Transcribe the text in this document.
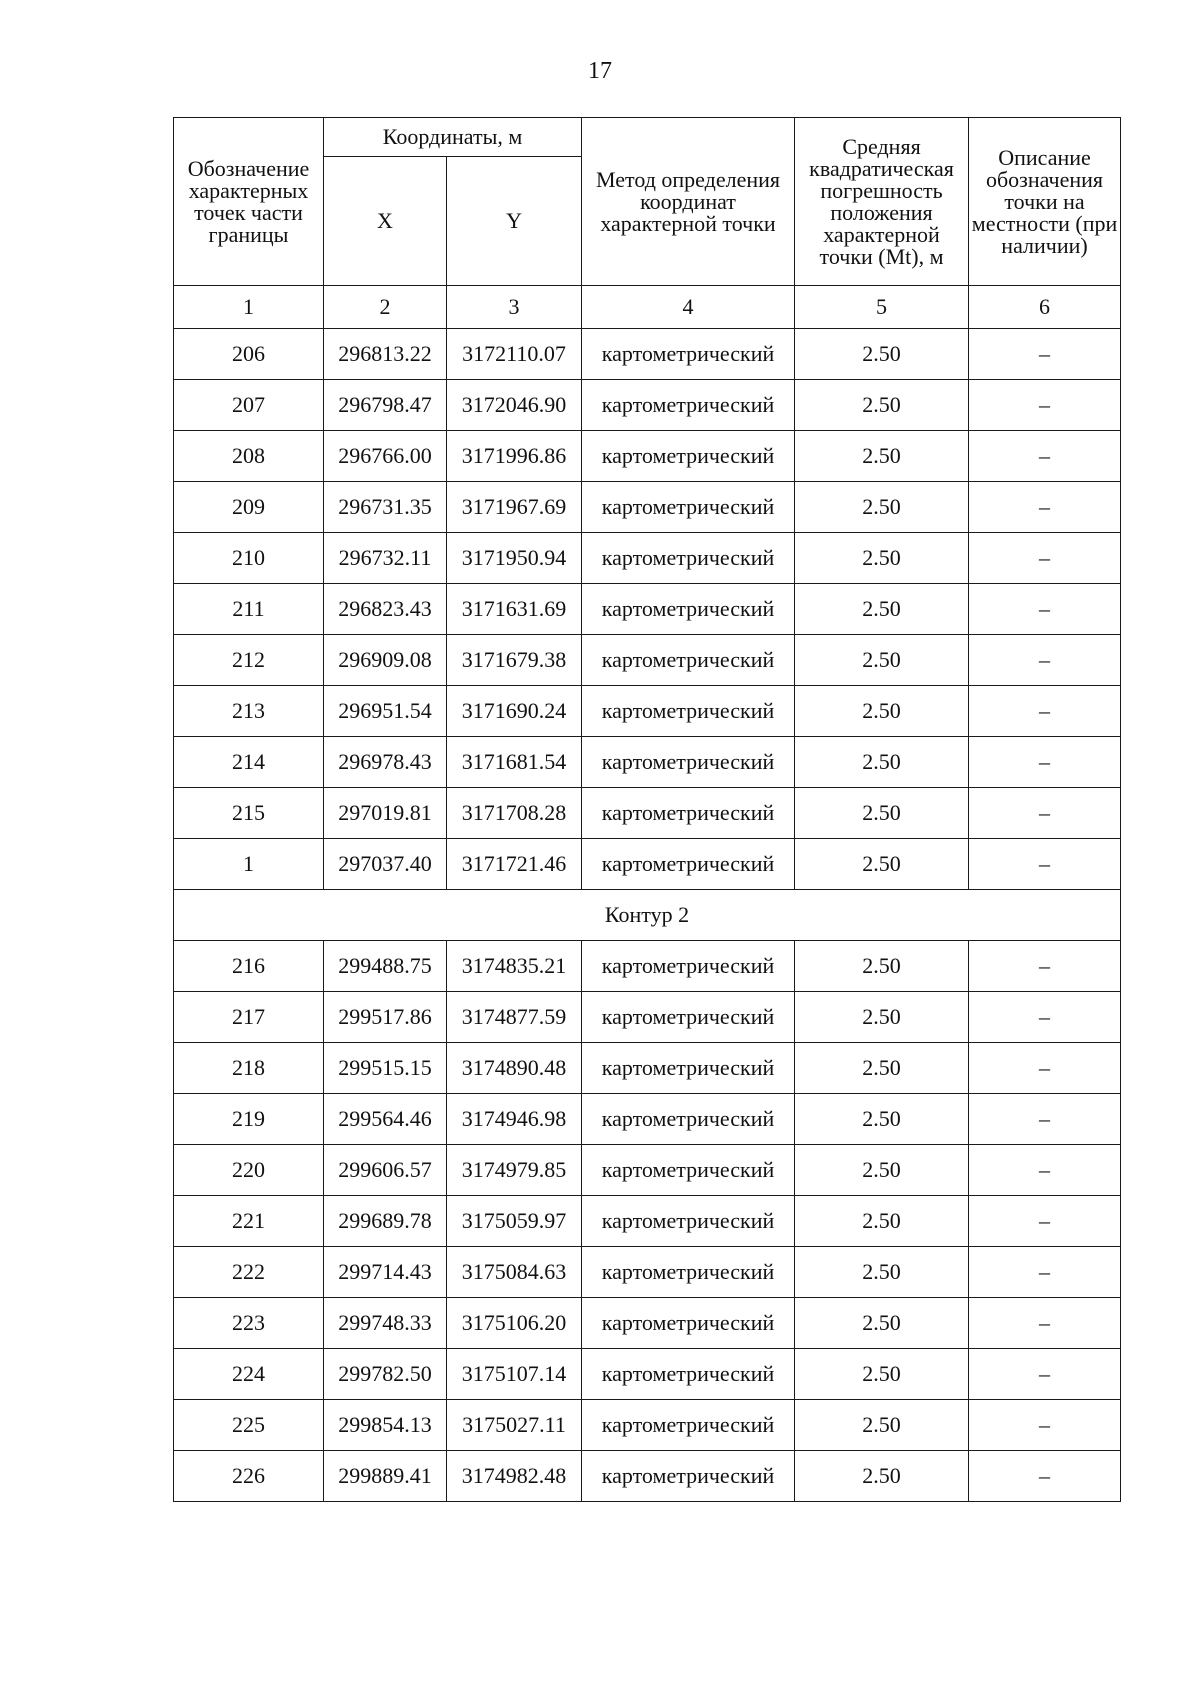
17
Обозначение характерных точек части границы	Координаты, м		Метод определения координат характерной точки	Средняя квадратическая погрешность положения характерной точки (Mt), м	Описание обозначения точки на местности (при наличии)
	X	Y			
1	2	3	4	5	6
206	296813.22	3172110.07	картометрический	2.50	–
207	296798.47	3172046.90	картометрический	2.50	–
208	296766.00	3171996.86	картометрический	2.50	–
209	296731.35	3171967.69	картометрический	2.50	–
210	296732.11	3171950.94	картометрический	2.50	–
211	296823.43	3171631.69	картометрический	2.50	–
212	296909.08	3171679.38	картометрический	2.50	–
213	296951.54	3171690.24	картометрический	2.50	–
214	296978.43	3171681.54	картометрический	2.50	–
215	297019.81	3171708.28	картометрический	2.50	–
1	297037.40	3171721.46	картометрический	2.50	–
Контур 2					
216	299488.75	3174835.21	картометрический	2.50	–
217	299517.86	3174877.59	картометрический	2.50	–
218	299515.15	3174890.48	картометрический	2.50	–
219	299564.46	3174946.98	картометрический	2.50	–
220	299606.57	3174979.85	картометрический	2.50	–
221	299689.78	3175059.97	картометрический	2.50	–
222	299714.43	3175084.63	картометрический	2.50	–
223	299748.33	3175106.20	картометрический	2.50	–
224	299782.50	3175107.14	картометрический	2.50	–
225	299854.13	3175027.11	картометрический	2.50	–
226	299889.41	3174982.48	картометрический	2.50	–
